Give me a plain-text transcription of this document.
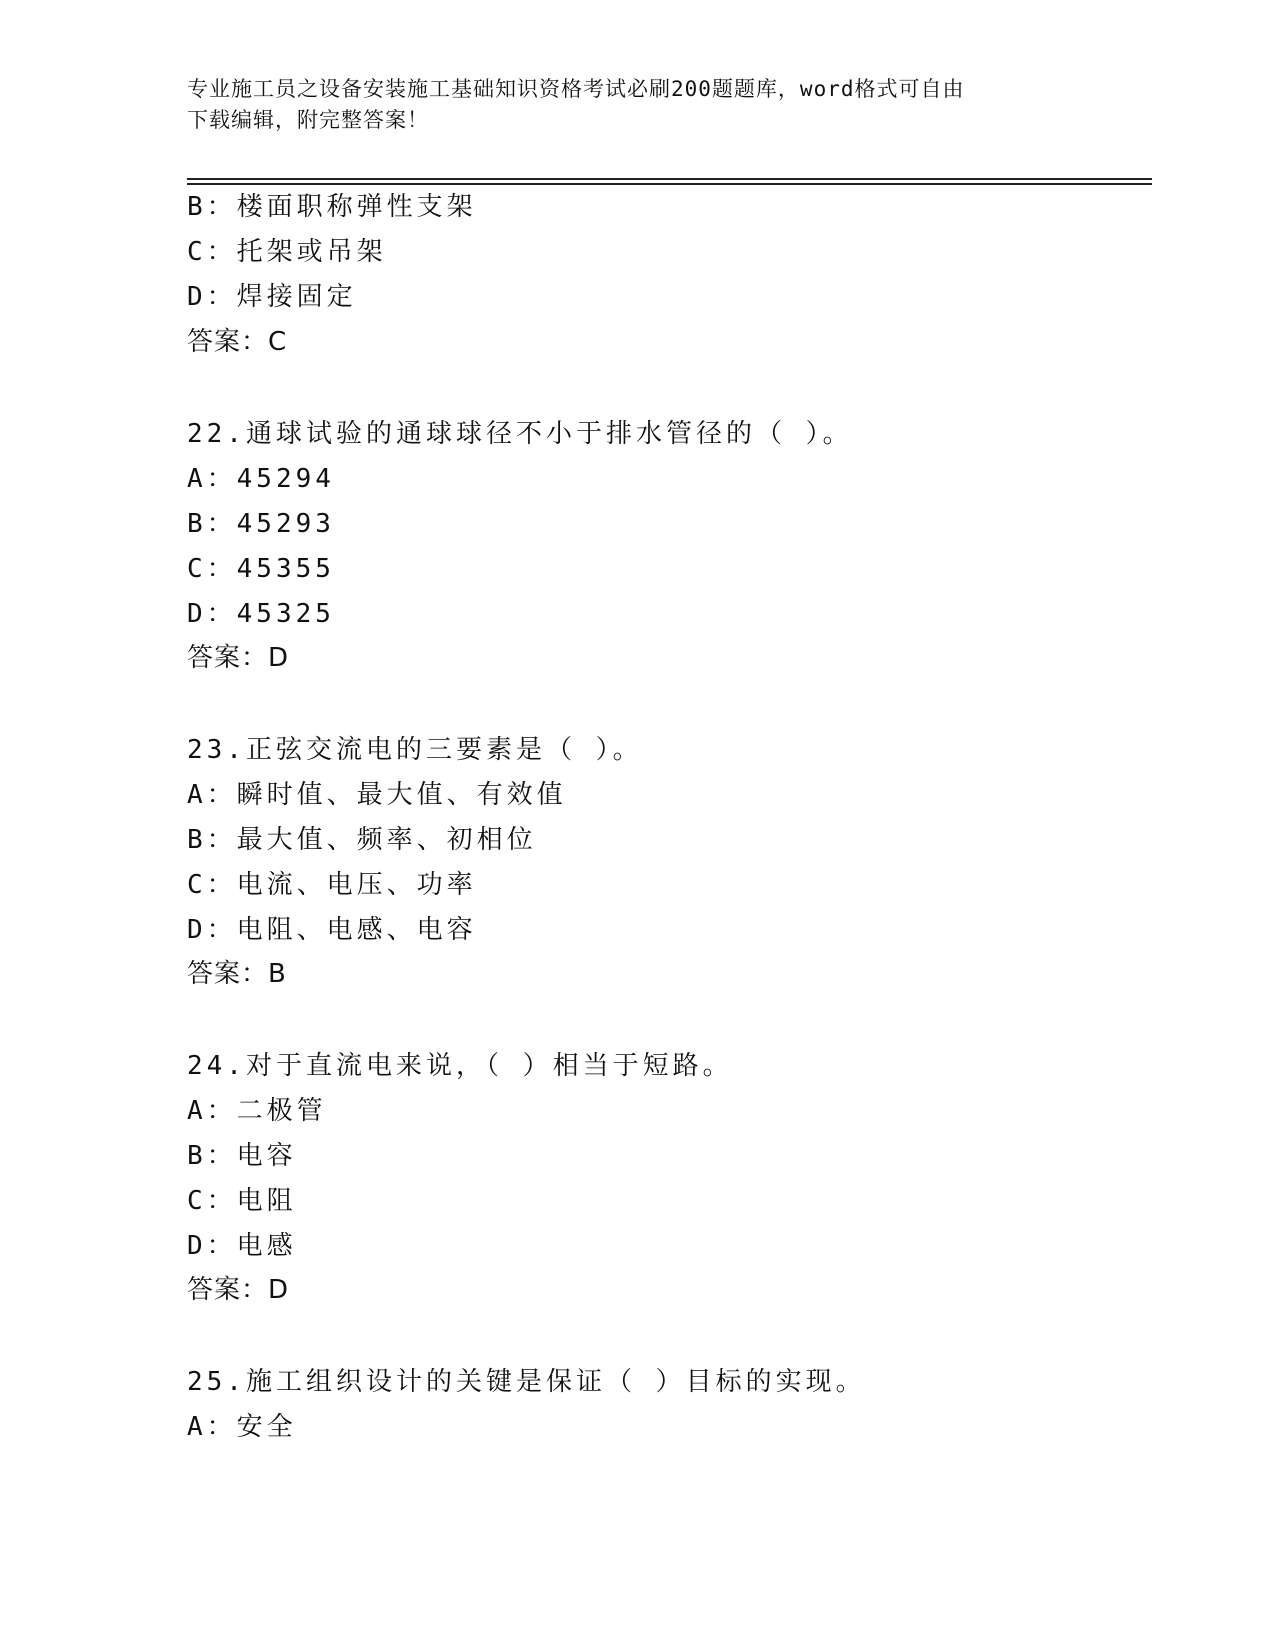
专业施工员之设备安装施工基础知识资格考试必刷200题题库，word格式可自由
下载编辑，附完整答案！
B：楼面职称弹性支架
C：托架或吊架
D：焊接固定
答案：C
22.通球试验的通球球径不小于排水管径的（ ）。
A：45294
B：45293
C：45355
D：45325
答案：D
23.正弦交流电的三要素是（ ）。
A：瞬时值、最大值、有效值
B：最大值、频率、初相位
C：电流、电压、功率
D：电阻、电感、电容
答案：B
24.对于直流电来说，（ ）相当于短路。
A：二极管
B：电容
C：电阻
D：电感
答案：D
25.施工组织设计的关键是保证（ ）目标的实现。
A：安全
